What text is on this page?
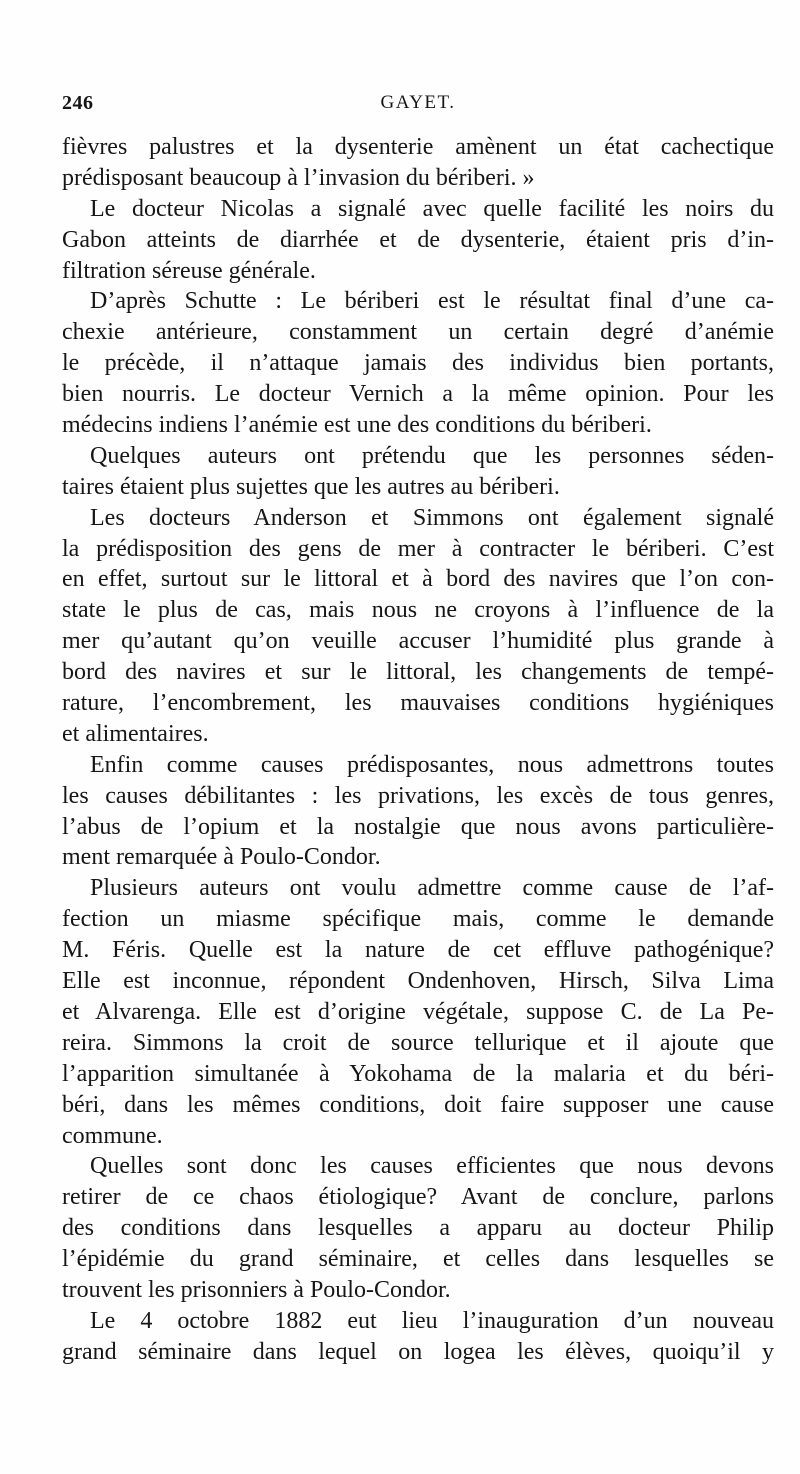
246	GAYET.
fièvres palustres et la dysenterie amènent un état cachectique
prédisposant beaucoup à l’invasion du bériberi. »
Le docteur Nicolas a signalé avec quelle facilité les noirs du
Gabon atteints de diarrhée et de dysenterie, étaient pris d’in-
filtration séreuse générale.
D’après Schutte : Le bériberi est le résultat final d’une ca-
chexie antérieure, constamment un certain degré d’anémie
le précède, il n’attaque jamais des individus bien portants,
bien nourris. Le docteur Vernich a la même opinion. Pour les
médecins indiens l’anémie est une des conditions du bériberi.
Quelques auteurs ont prétendu que les personnes séden-
taires étaient plus sujettes que les autres au bériberi.
Les docteurs Anderson et Simmons ont également signalé
la prédisposition des gens de mer à contracter le bériberi. C’est
en effet, surtout sur le littoral et à bord des navires que l’on con-
state le plus de cas, mais nous ne croyons à l’influence de la
mer qu’autant qu’on veuille accuser l’humidité plus grande à
bord des navires et sur le littoral, les changements de tempé-
rature, l’encombrement, les mauvaises conditions hygiéniques
et alimentaires.
Enfin comme causes prédisposantes, nous admettrons toutes
les causes débilitantes : les privations, les excès de tous genres,
l’abus de l’opium et la nostalgie que nous avons particulière-
ment remarquée à Poulo-Condor.
Plusieurs auteurs ont voulu admettre comme cause de l’af-
fection un miasme spécifique mais, comme le demande
M. Féris. Quelle est la nature de cet effluve pathogénique?
Elle est inconnue, répondent Ondenhoven, Hirsch, Silva Lima
et Alvarenga. Elle est d’origine végétale, suppose C. de La Pe-
reira. Simmons la croit de source tellurique et il ajoute que
l’apparition simultanée à Yokohama de la malaria et du béri-
béri, dans les mêmes conditions, doit faire supposer une cause
commune.
Quelles sont donc les causes efficientes que nous devons
retirer de ce chaos étiologique? Avant de conclure, parlons
des conditions dans lesquelles a apparu au docteur Philip
l’épidémie du grand séminaire, et celles dans lesquelles se
trouvent les prisonniers à Poulo-Condor.
Le 4 octobre 1882 eut lieu l’inauguration d’un nouveau
grand séminaire dans lequel on logea les élèves, quoiqu’il y
